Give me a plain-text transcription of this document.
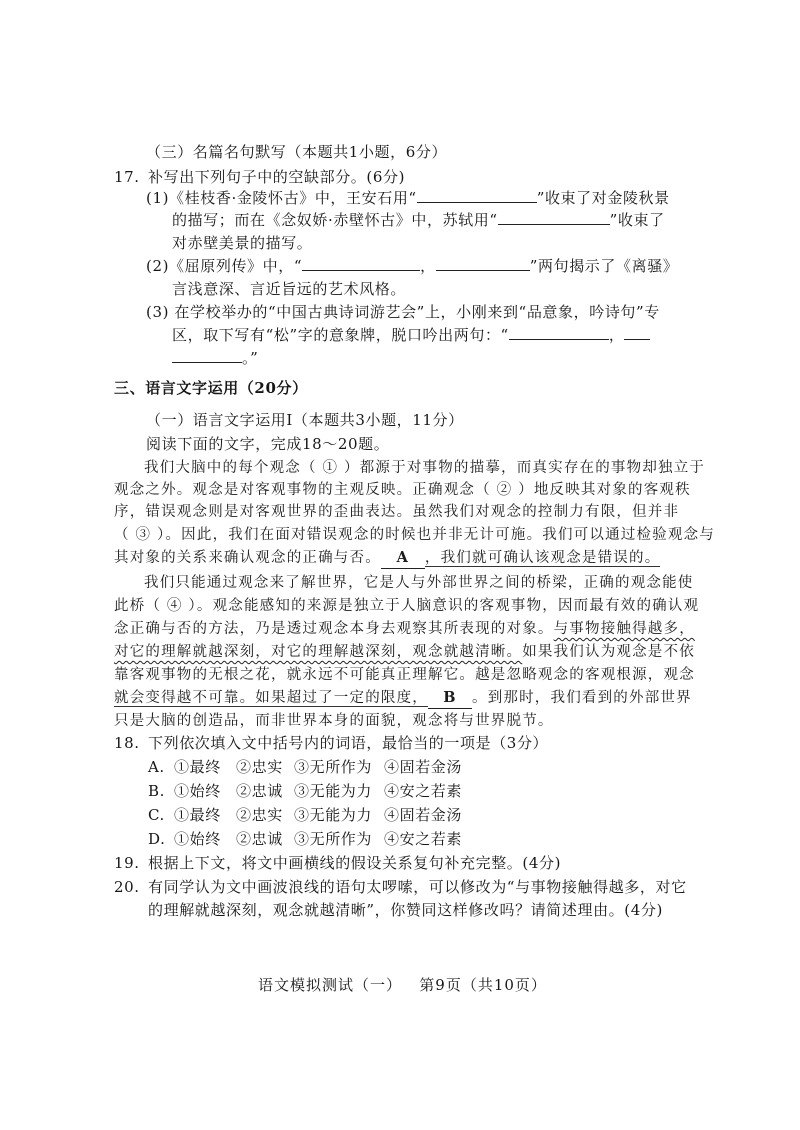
（三）名篇名句默写（本题共1小题，6分）
17. 补写出下列句子中的空缺部分。(6分)
(1)《桂枝香·金陵怀古》中，王安石用“	”收束了对金陵秋景
的描写；而在《念奴娇·赤壁怀古》中，苏轼用“	”收束了
对赤壁美景的描写。
(2)《屈原列传》中，“	，	”两句揭示了《离骚》
言浅意深、言近旨远的艺术风格。
(3) 在学校举办的“中国古典诗词游艺会”上，小刚来到“品意象，吟诗句”专
区，取下写有“松”字的意象牌，脱口吟出两句：“	，
。”
三、语言文字运用（20分）
（一）语言文字运用Ⅰ（本题共3小题，11分）
阅读下面的文字，完成18～20题。
我们大脑中的每个观念（ ① ）都源于对事物的描摹，而真实存在的事物却独立于
观念之外。观念是对客观事物的主观反映。正确观念（ ② ）地反映其对象的客观秩
序，错误观念则是对客观世界的歪曲表达。虽然我们对观念的控制力有限，但并非
（ ③ ）。因此，我们在面对错误观念的时候也并非无计可施。我们可以通过检验观念与
其对象的关系来确认观念的正确与否。 A ，我们就可确认该观念是错误的。
我们只能通过观念来了解世界，它是人与外部世界之间的桥梁，正确的观念能使
此桥（ ④ ）。观念能感知的来源是独立于人脑意识的客观事物，因而最有效的确认观
念正确与否的方法，乃是透过观念本身去观察其所表现的对象。与事物接触得越多，
对它的理解就越深刻，对它的理解越深刻，观念就越清晰。如果我们认为观念是不依
靠客观事物的无根之花，就永远不可能真正理解它。越是忽略观念的客观根源，观念
就会变得越不可靠。如果超过了一定的限度， B 。到那时，我们看到的外部世界
只是大脑的创造品，而非世界本身的面貌，观念将与世界脱节。
18. 下列依次填入文中括号内的词语，最恰当的一项是（3分）
A. ①最终 ②忠实 ③无所作为 ④固若金汤
B. ①始终 ②忠诚 ③无能为力 ④安之若素
C. ①最终 ②忠实 ③无能为力 ④固若金汤
D. ①始终 ②忠诚 ③无所作为 ④安之若素
19. 根据上下文，将文中画横线的假设关系复句补充完整。(4分)
20. 有同学认为文中画波浪线的语句太啰嗦，可以修改为“与事物接触得越多，对它
的理解就越深刻，观念就越清晰”，你赞同这样修改吗？请简述理由。(4分)
语文模拟测试（一）   第9页（共10页）
